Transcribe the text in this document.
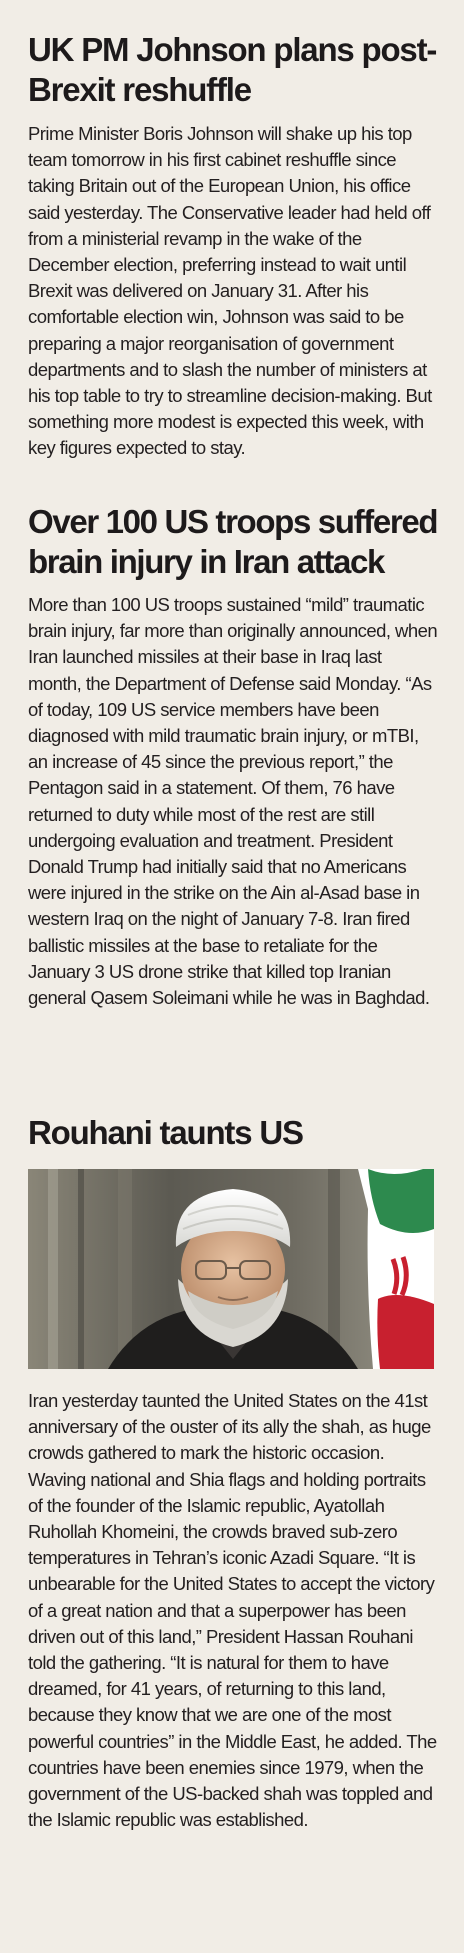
UK PM Johnson plans post-Brexit reshuffle

Prime Minister Boris Johnson will shake up his top team tomorrow in his first cabinet reshuffle since taking Britain out of the European Union, his office said yesterday. The Conservative leader had held off from a ministerial revamp in the wake of the December election, preferring instead to wait until Brexit was delivered on January 31. After his comfortable election win, Johnson was said to be preparing a major reorganisation of government departments and to slash the number of ministers at his top table to try to streamline decision-making. But something more modest is expected this week, with key figures expected to stay.

Over 100 US troops suffered brain injury in Iran attack

More than 100 US troops sustained “mild” traumatic brain injury, far more than originally announced, when Iran launched missiles at their base in Iraq last month, the Department of Defense said Monday. “As of today, 109 US service members have been diagnosed with mild traumatic brain injury, or mTBI, an increase of 45 since the previous report,” the Pentagon said in a statement. Of them, 76 have returned to duty while most of the rest are still undergoing evaluation and treatment. President Donald Trump had initially said that no Americans were injured in the strike on the Ain al-Asad base in western Iraq on the night of January 7-8. Iran fired ballistic missiles at the base to retaliate for the January 3 US drone strike that killed top Iranian general Qasem Soleimani while he was in Baghdad.

Rouhani taunts US

Iran yesterday taunted the United States on the 41st anniversary of the ouster of its ally the shah, as huge crowds gathered to mark the historic occasion. Waving national and Shia flags and holding portraits of the founder of the Islamic republic, Ayatollah Ruhollah Khomeini, the crowds braved sub-zero temperatures in Tehran’s iconic Azadi Square. “It is unbearable for the United States to accept the victory of a great nation and that a superpower has been driven out of this land,” President Hassan Rouhani told the gathering. “It is natural for them to have dreamed, for 41 years, of returning to this land, because they know that we are one of the most powerful countries” in the Middle East, he added. The countries have been enemies since 1979, when the government of the US-backed shah was toppled and the Islamic republic was established.
